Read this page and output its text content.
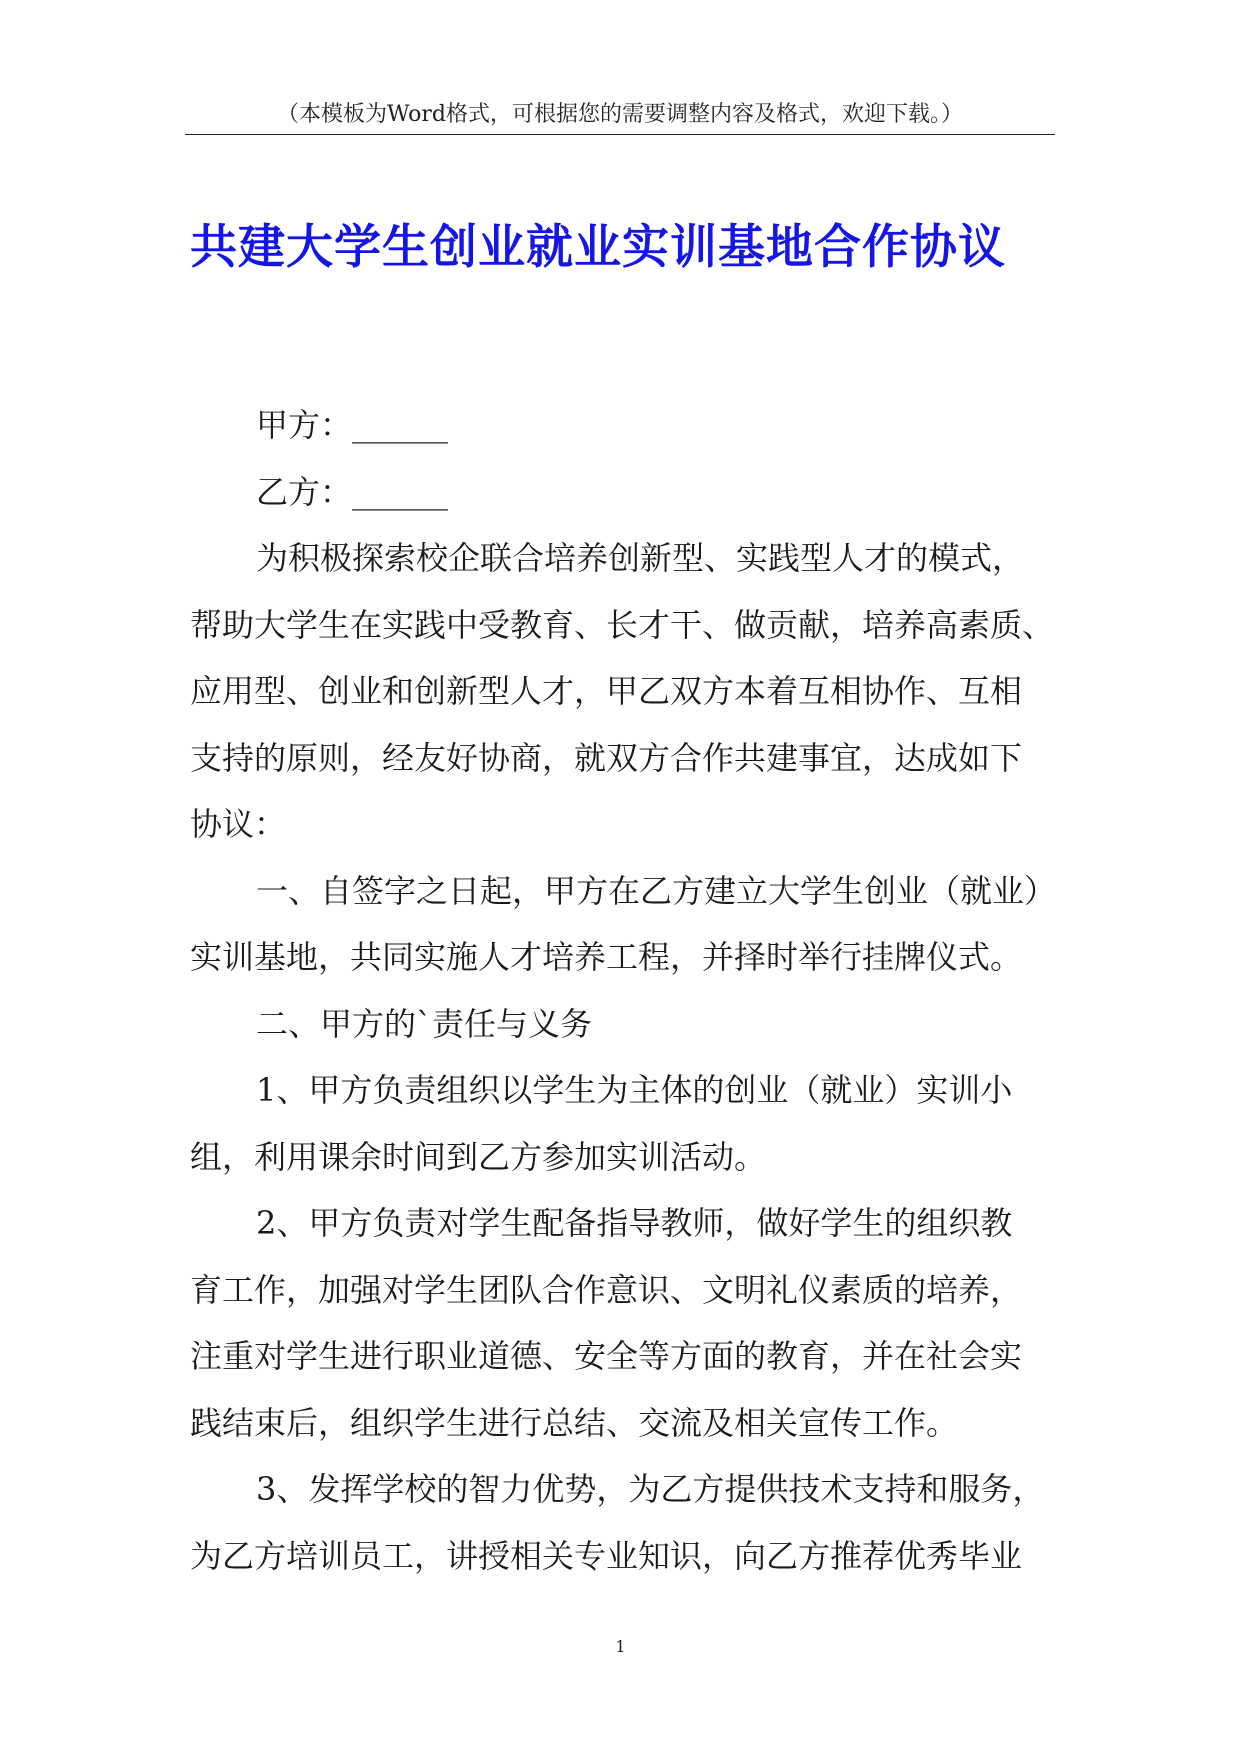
（本模板为Word格式，可根据您的需要调整内容及格式，欢迎下载。）
共建大学生创业就业实训基地合作协议
甲方：______
乙方：______
为积极探索校企联合培养创新型、实践型人才的模式，
帮助大学生在实践中受教育、长才干、做贡献，培养高素质、
应用型、创业和创新型人才，甲乙双方本着互相协作、互相
支持的原则，经友好协商，就双方合作共建事宜，达成如下
协议：
一、自签字之日起，甲方在乙方建立大学生创业（就业）
实训基地，共同实施人才培养工程，并择时举行挂牌仪式。
二、甲方的`责任与义务
1、甲方负责组织以学生为主体的创业（就业）实训小
组，利用课余时间到乙方参加实训活动。
2、甲方负责对学生配备指导教师，做好学生的组织教
育工作，加强对学生团队合作意识、文明礼仪素质的培养，
注重对学生进行职业道德、安全等方面的教育，并在社会实
践结束后，组织学生进行总结、交流及相关宣传工作。
3、发挥学校的智力优势，为乙方提供技术支持和服务，
为乙方培训员工，讲授相关专业知识，向乙方推荐优秀毕业
1
